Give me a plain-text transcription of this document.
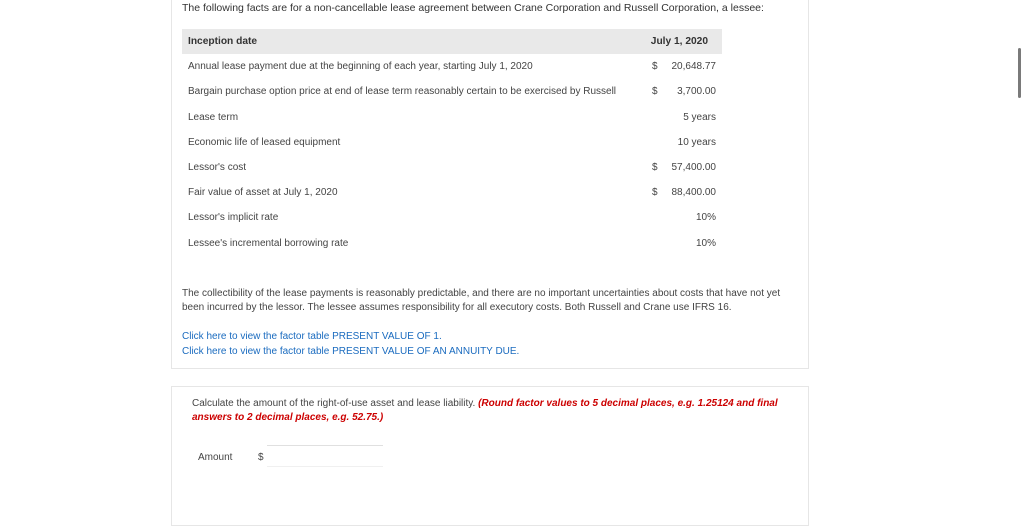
The following facts are for a non-cancellable lease agreement between Crane Corporation and Russell Corporation, a lessee:
Inception date	July 1, 2020
Annual lease payment due at the beginning of each year, starting July 1, 2020	$ 20,648.77
Bargain purchase option price at end of lease term reasonably certain to be exercised by Russell	$ 3,700.00
Lease term	5 years
Economic life of leased equipment	10 years
Lessor's cost	$ 57,400.00
Fair value of asset at July 1, 2020	$ 88,400.00
Lessor's implicit rate	10%
Lessee's incremental borrowing rate	10%
The collectibility of the lease payments is reasonably predictable, and there are no important uncertainties about costs that have not yet been incurred by the lessor. The lessee assumes responsibility for all executory costs. Both Russell and Crane use IFRS 16.
Click here to view the factor table PRESENT VALUE OF 1.
Click here to view the factor table PRESENT VALUE OF AN ANNUITY DUE.
Calculate the amount of the right-of-use asset and lease liability. (Round factor values to 5 decimal places, e.g. 1.25124 and final answers to 2 decimal places, e.g. 52.75.)
Amount	$
